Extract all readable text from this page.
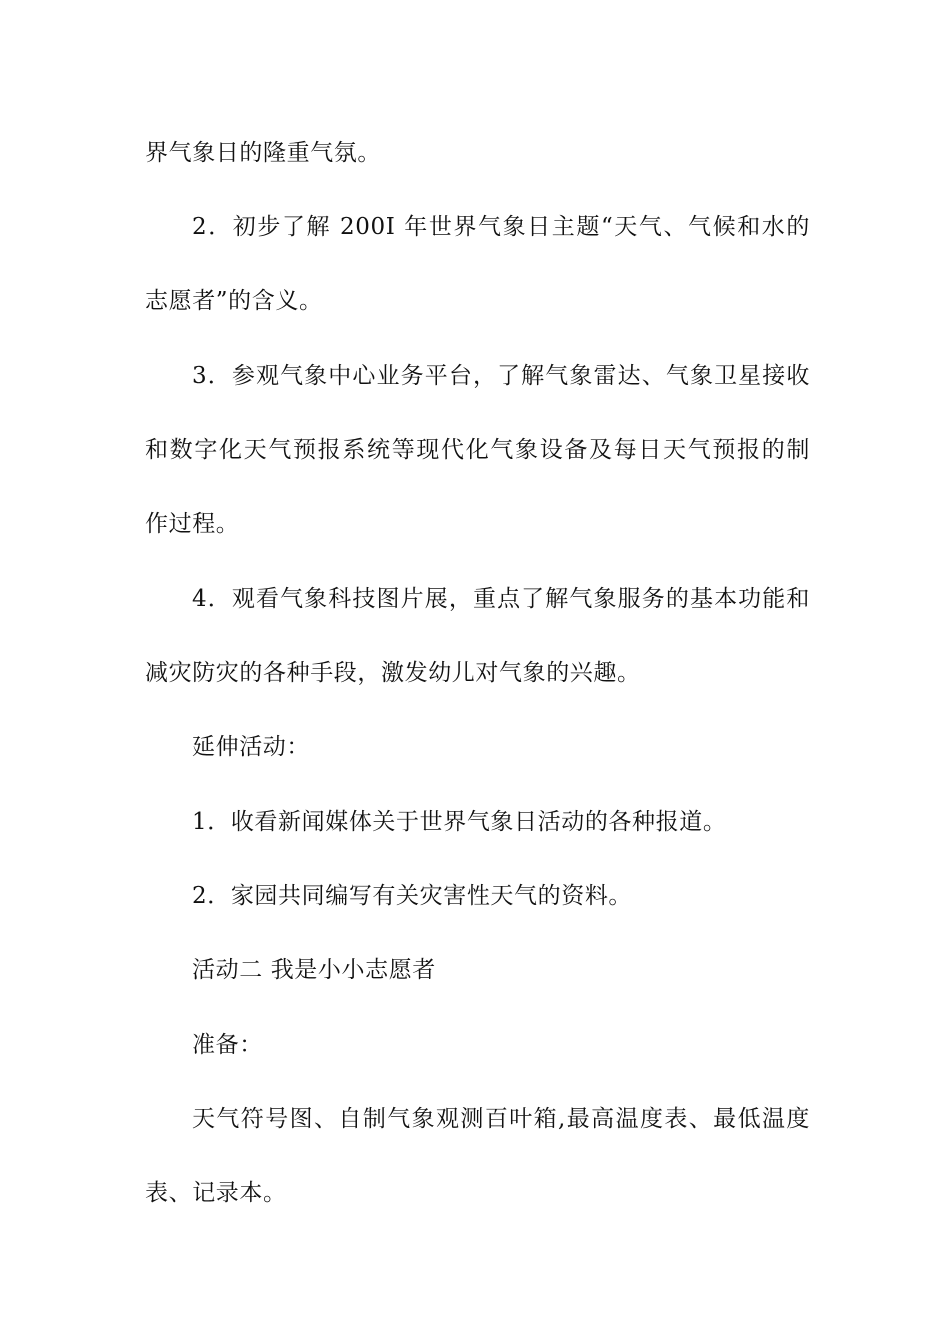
界气象日的隆重气氛。
2．初步了解 200I 年世界气象日主题“天气、气候和水的
志愿者”的含义。
3．参观气象中心业务平台，了解气象雷达、气象卫星接收
和数字化天气预报系统等现代化气象设备及每日天气预报的制
作过程。
4．观看气象科技图片展，重点了解气象服务的基本功能和
减灾防灾的各种手段，激发幼儿对气象的兴趣。
延伸活动：
1．收看新闻媒体关于世界气象日活动的各种报道。
2．家园共同编写有关灾害性天气的资料。
活动二 我是小小志愿者
准备：
天气符号图、自制气象观测百叶箱,最高温度表、最低温度
表、记录本。
